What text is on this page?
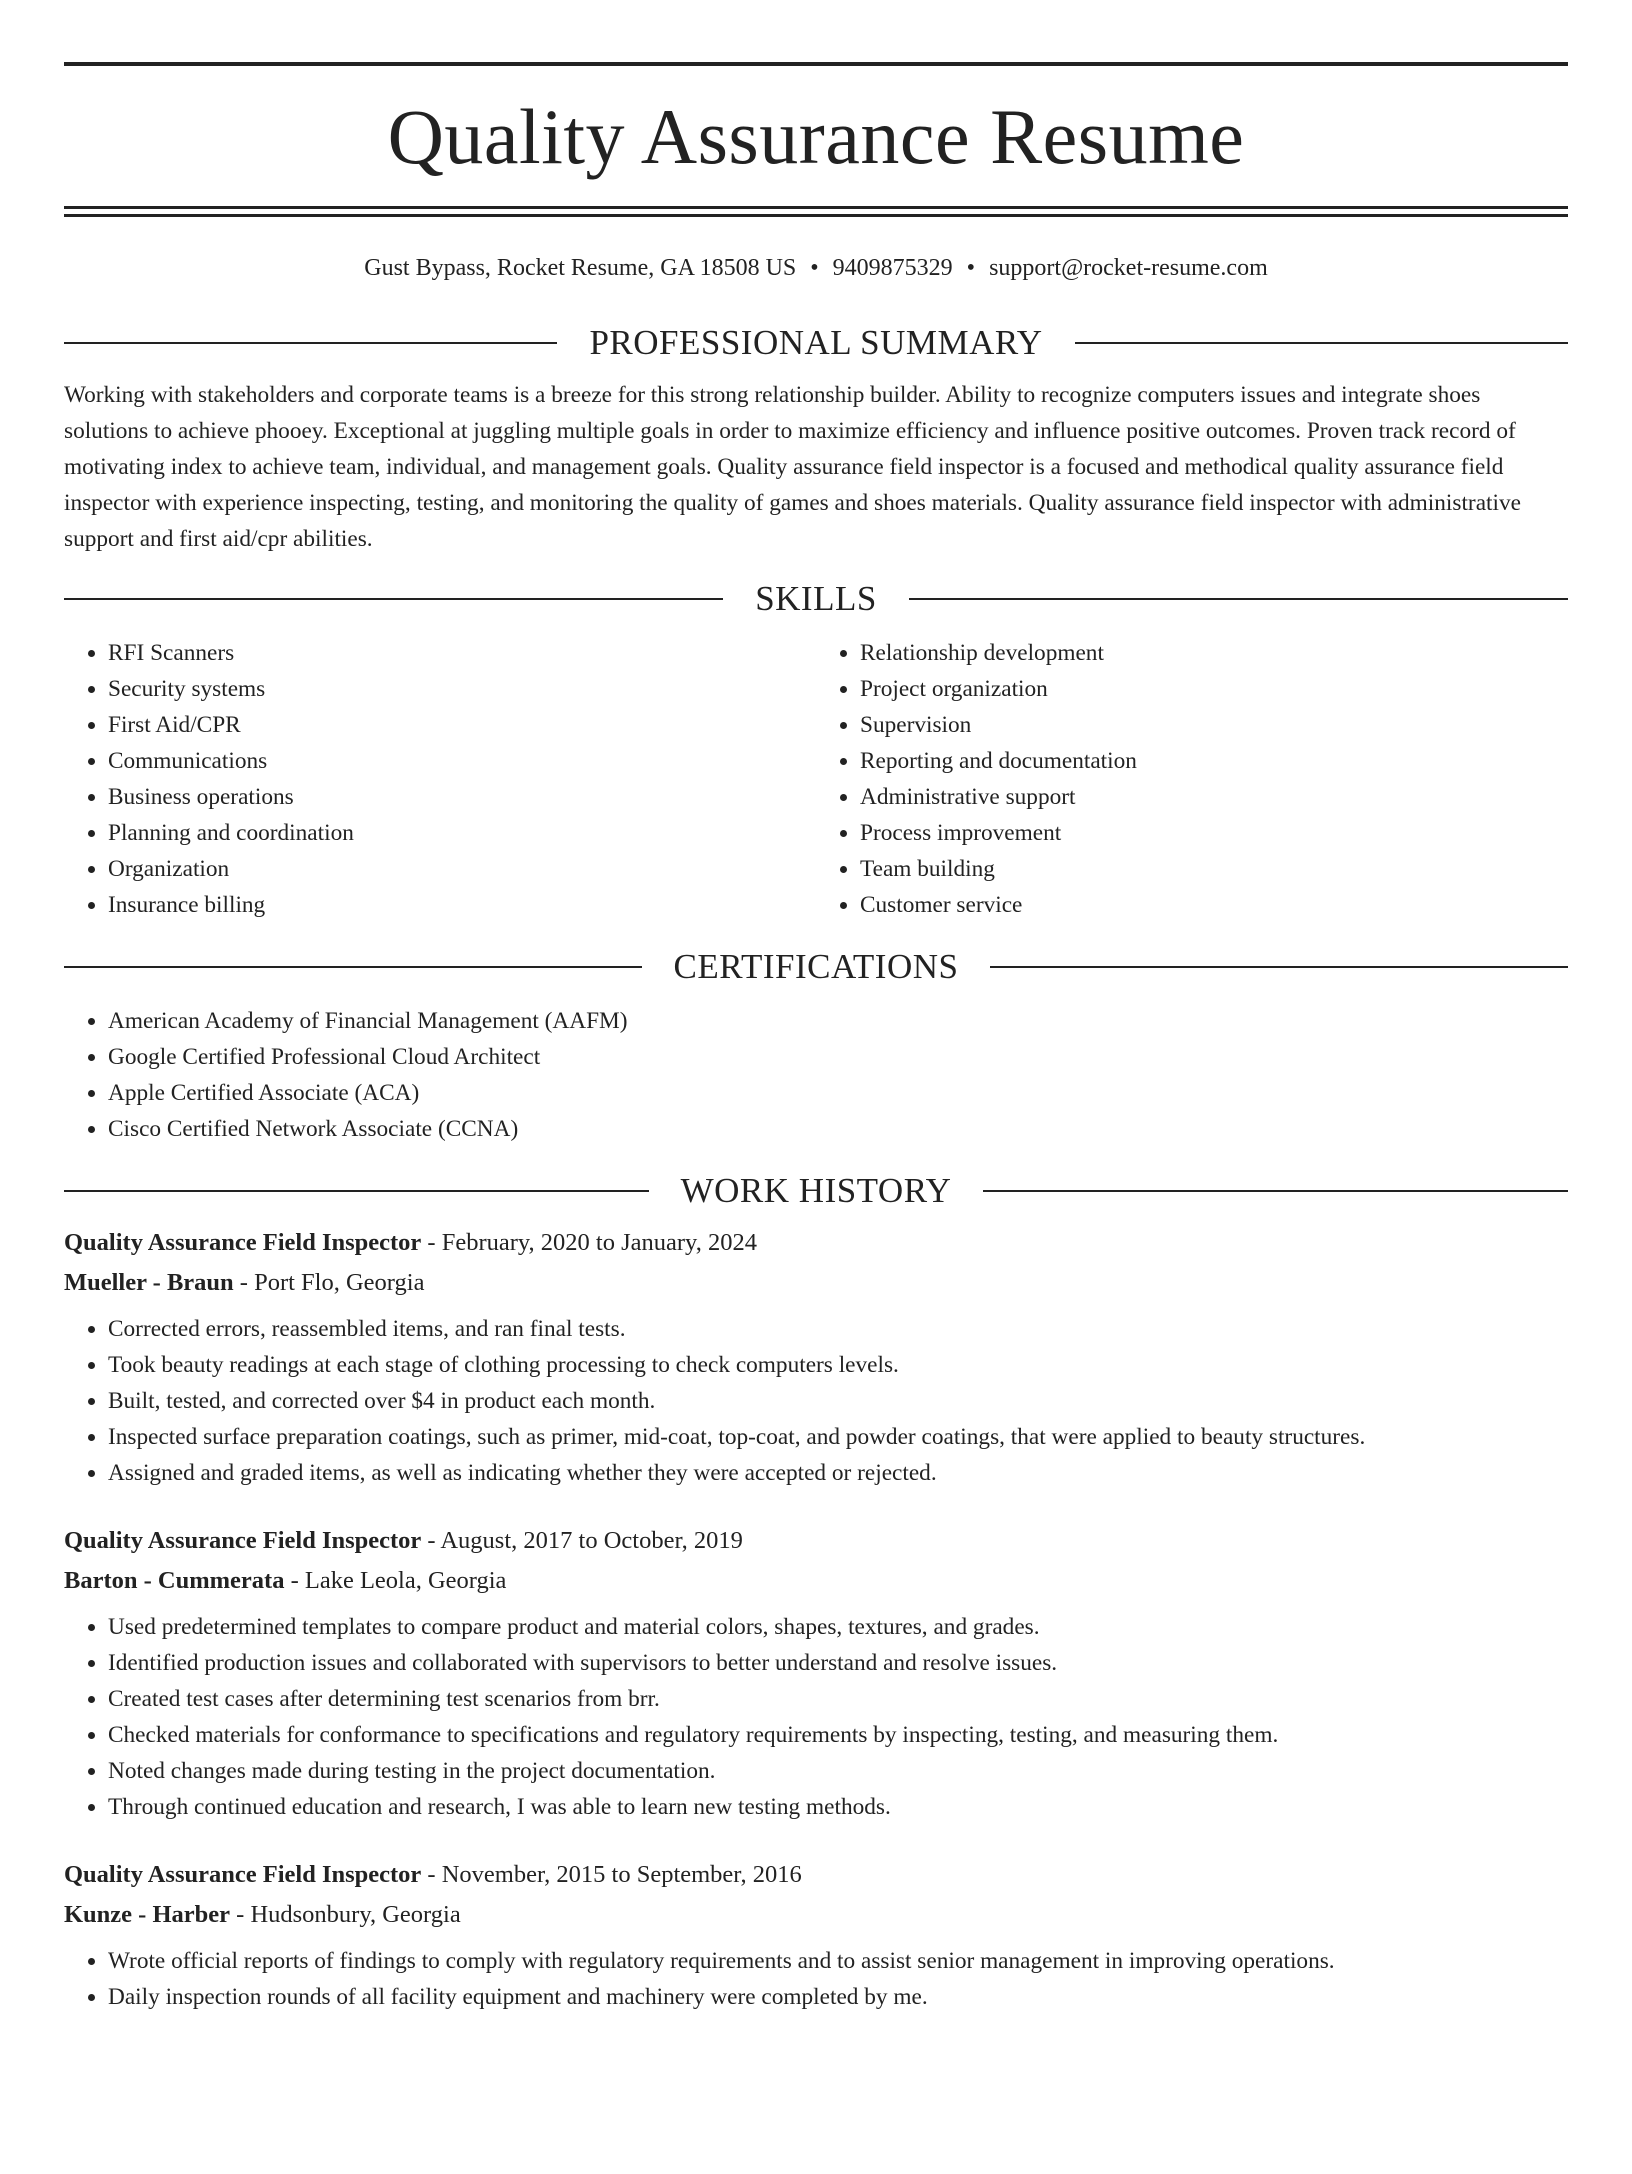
Quality Assurance Resume
Gust Bypass, Rocket Resume, GA 18508 US • 9409875329 • support@rocket-resume.com
PROFESSIONAL SUMMARY
Working with stakeholders and corporate teams is a breeze for this strong relationship builder. Ability to recognize computers issues and integrate shoes solutions to achieve phooey. Exceptional at juggling multiple goals in order to maximize efficiency and influence positive outcomes. Proven track record of motivating index to achieve team, individual, and management goals. Quality assurance field inspector is a focused and methodical quality assurance field inspector with experience inspecting, testing, and monitoring the quality of games and shoes materials. Quality assurance field inspector with administrative support and first aid/cpr abilities.
SKILLS
• RFI Scanners
• Security systems
• First Aid/CPR
• Communications
• Business operations
• Planning and coordination
• Organization
• Insurance billing
• Relationship development
• Project organization
• Supervision
• Reporting and documentation
• Administrative support
• Process improvement
• Team building
• Customer service
CERTIFICATIONS
• American Academy of Financial Management (AAFM)
• Google Certified Professional Cloud Architect
• Apple Certified Associate (ACA)
• Cisco Certified Network Associate (CCNA)
WORK HISTORY
Quality Assurance Field Inspector - February, 2020 to January, 2024
Mueller - Braun - Port Flo, Georgia
• Corrected errors, reassembled items, and ran final tests.
• Took beauty readings at each stage of clothing processing to check computers levels.
• Built, tested, and corrected over $4 in product each month.
• Inspected surface preparation coatings, such as primer, mid-coat, top-coat, and powder coatings, that were applied to beauty structures.
• Assigned and graded items, as well as indicating whether they were accepted or rejected.
Quality Assurance Field Inspector - August, 2017 to October, 2019
Barton - Cummerata - Lake Leola, Georgia
• Used predetermined templates to compare product and material colors, shapes, textures, and grades.
• Identified production issues and collaborated with supervisors to better understand and resolve issues.
• Created test cases after determining test scenarios from brr.
• Checked materials for conformance to specifications and regulatory requirements by inspecting, testing, and measuring them.
• Noted changes made during testing in the project documentation.
• Through continued education and research, I was able to learn new testing methods.
Quality Assurance Field Inspector - November, 2015 to September, 2016
Kunze - Harber - Hudsonbury, Georgia
• Wrote official reports of findings to comply with regulatory requirements and to assist senior management in improving operations.
• Daily inspection rounds of all facility equipment and machinery were completed by me.
